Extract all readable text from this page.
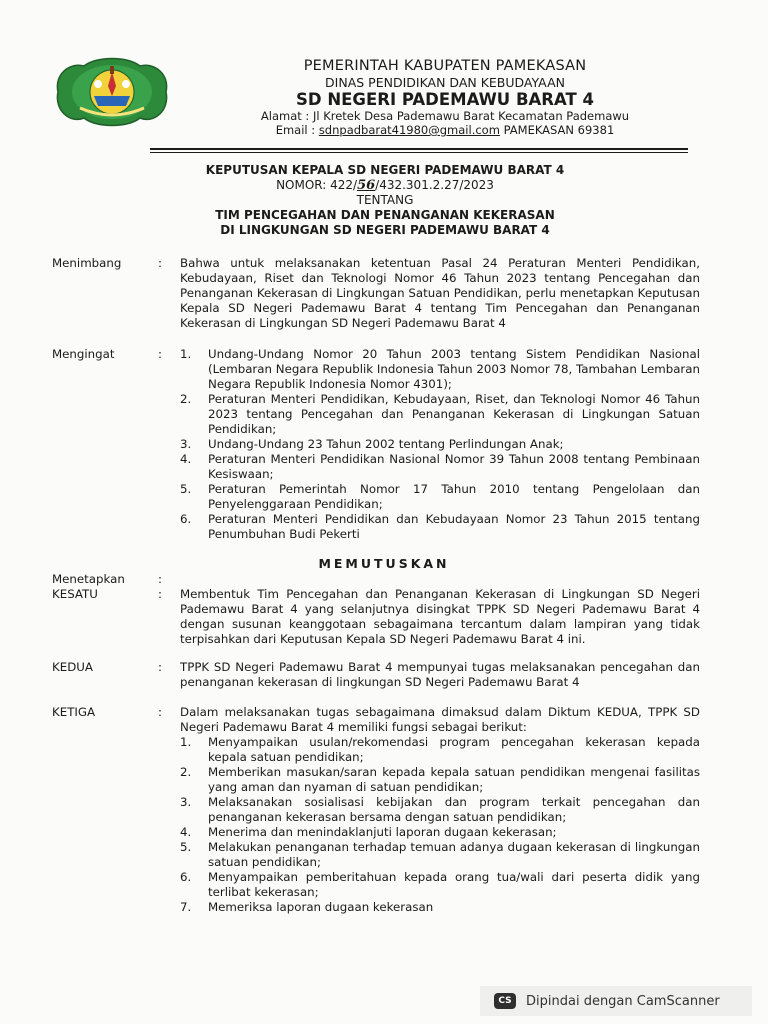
PEMERINTAH KABUPATEN PAMEKASAN
DINAS PENDIDIKAN DAN KEBUDAYAAN
SD NEGERI PADEMAWU BARAT 4
Alamat : Jl Kretek Desa Pademawu Barat Kecamatan Pademawu
Email : sdnpadbarat41980@gmail.com PAMEKASAN 69381
KEPUTUSAN KEPALA SD NEGERI PADEMAWU BARAT 4
NOMOR: 422/56/432.301.2.27/2023
TENTANG
TIM PENCEGAHAN DAN PENANGANAN KEKERASAN
DI LINGKUNGAN SD NEGERI PADEMAWU BARAT 4
Menimbang	: Bahwa untuk melaksanakan ketentuan Pasal 24 Peraturan Menteri Pendidikan, Kebudayaan, Riset dan Teknologi Nomor 46 Tahun 2023 tentang Pencegahan dan Penanganan Kekerasan di Lingkungan Satuan Pendidikan, perlu menetapkan Keputusan Kepala SD Negeri Pademawu Barat 4 tentang Tim Pencegahan dan Penanganan Kekerasan di Lingkungan SD Negeri Pademawu Barat 4
Mengingat	: 1. Undang-Undang Nomor 20 Tahun 2003 tentang Sistem Pendidikan Nasional (Lembaran Negara Republik Indonesia Tahun 2003 Nomor 78, Tambahan Lembaran Negara Republik Indonesia Nomor 4301);
2. Peraturan Menteri Pendidikan, Kebudayaan, Riset, dan Teknologi Nomor 46 Tahun 2023 tentang Pencegahan dan Penanganan Kekerasan di Lingkungan Satuan Pendidikan;
3. Undang-Undang 23 Tahun 2002 tentang Perlindungan Anak;
4. Peraturan Menteri Pendidikan Nasional Nomor 39 Tahun 2008 tentang Pembinaan Kesiswaan;
5. Peraturan Pemerintah Nomor 17 Tahun 2010 tentang Pengelolaan dan Penyelenggaraan Pendidikan;
6. Peraturan Menteri Pendidikan dan Kebudayaan Nomor 23 Tahun 2015 tentang Penumbuhan Budi Pekerti
MEMUTUSKAN
Menetapkan	:
KESATU	: Membentuk Tim Pencegahan dan Penanganan Kekerasan di Lingkungan SD Negeri Pademawu Barat 4 yang selanjutnya disingkat TPPK SD Negeri Pademawu Barat 4 dengan susunan keanggotaan sebagaimana tercantum dalam lampiran yang tidak terpisahkan dari Keputusan Kepala SD Negeri Pademawu Barat 4 ini.
KEDUA	: TPPK SD Negeri Pademawu Barat 4 mempunyai tugas melaksanakan pencegahan dan penanganan kekerasan di lingkungan SD Negeri Pademawu Barat 4
KETIGA	: Dalam melaksanakan tugas sebagaimana dimaksud dalam Diktum KEDUA, TPPK SD Negeri Pademawu Barat 4 memiliki fungsi sebagai berikut:
1. Menyampaikan usulan/rekomendasi program pencegahan kekerasan kepada kepala satuan pendidikan;
2. Memberikan masukan/saran kepada kepala satuan pendidikan mengenai fasilitas yang aman dan nyaman di satuan pendidikan;
3. Melaksanakan sosialisasi kebijakan dan program terkait pencegahan dan penanganan kekerasan bersama dengan satuan pendidikan;
4. Menerima dan menindaklanjuti laporan dugaan kekerasan;
5. Melakukan penanganan terhadap temuan adanya dugaan kekerasan di lingkungan satuan pendidikan;
6. Menyampaikan pemberitahuan kepada orang tua/wali dari peserta didik yang terlibat kekerasan;
7. Memeriksa laporan dugaan kekerasan
CS	Dipindai dengan CamScanner
